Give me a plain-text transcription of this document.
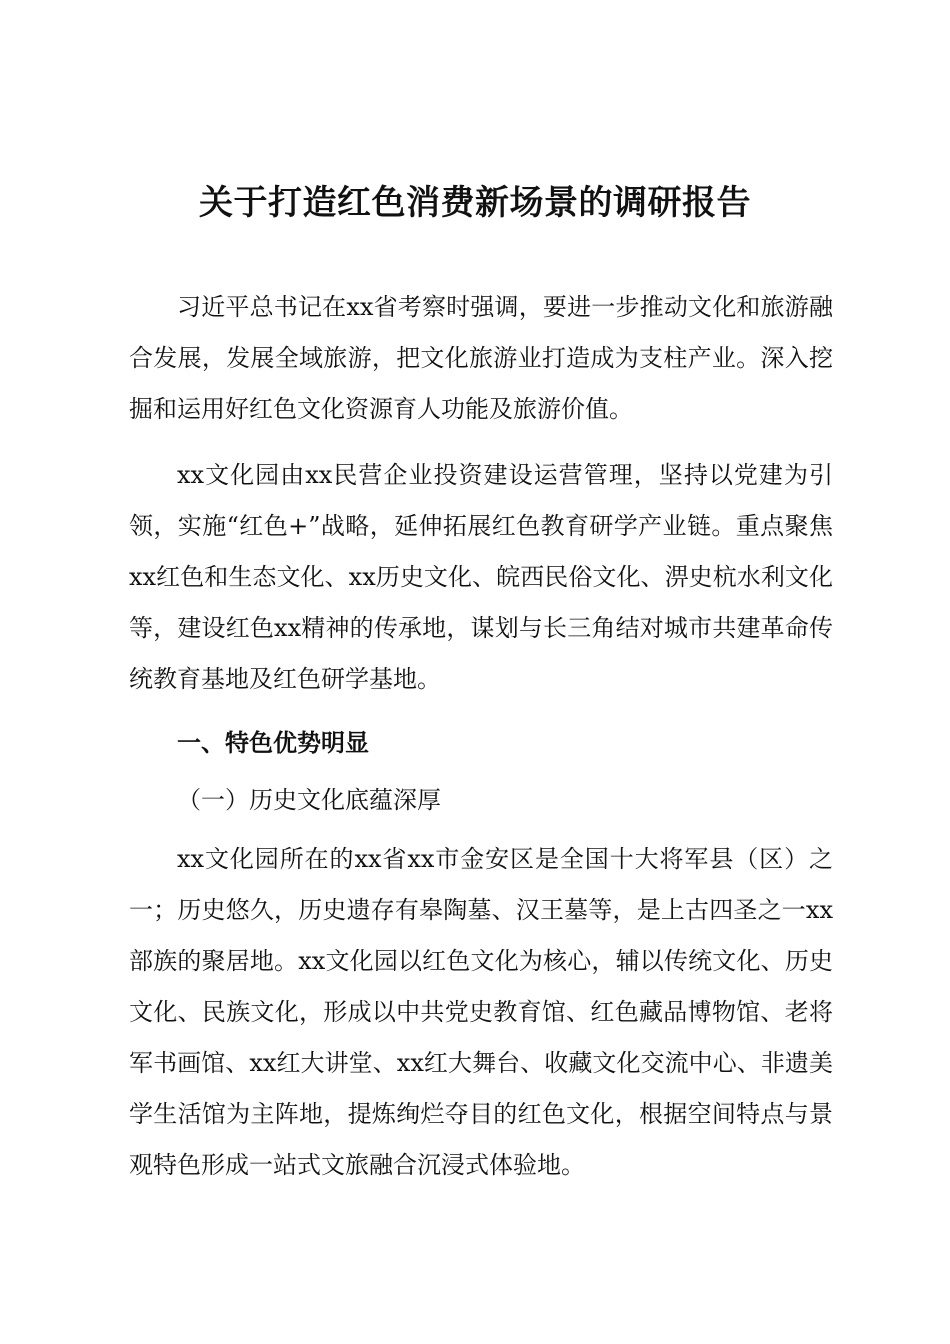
关于打造红色消费新场景的调研报告

习近平总书记在xx省考察时强调，要进一步推动文化和旅游融合发展，发展全域旅游，把文化旅游业打造成为支柱产业。深入挖掘和运用好红色文化资源育人功能及旅游价值。

xx文化园由xx民营企业投资建设运营管理，坚持以党建为引领，实施“红色+”战略，延伸拓展红色教育研学产业链。重点聚焦xx红色和生态文化、xx历史文化、皖西民俗文化、淠史杭水利文化等，建设红色xx精神的传承地，谋划与长三角结对城市共建革命传统教育基地及红色研学基地。

一、特色优势明显
（一）历史文化底蕴深厚

xx文化园所在的xx省xx市金安区是全国十大将军县（区）之一；历史悠久，历史遗存有皋陶墓、汉王墓等，是上古四圣之一xx部族的聚居地。xx文化园以红色文化为核心，辅以传统文化、历史文化、民族文化，形成以中共党史教育馆、红色藏品博物馆、老将军书画馆、xx红大讲堂、xx红大舞台、收藏文化交流中心、非遗美学生活馆为主阵地，提炼绚烂夺目的红色文化，根据空间特点与景观特色形成一站式文旅融合沉浸式体验地。
